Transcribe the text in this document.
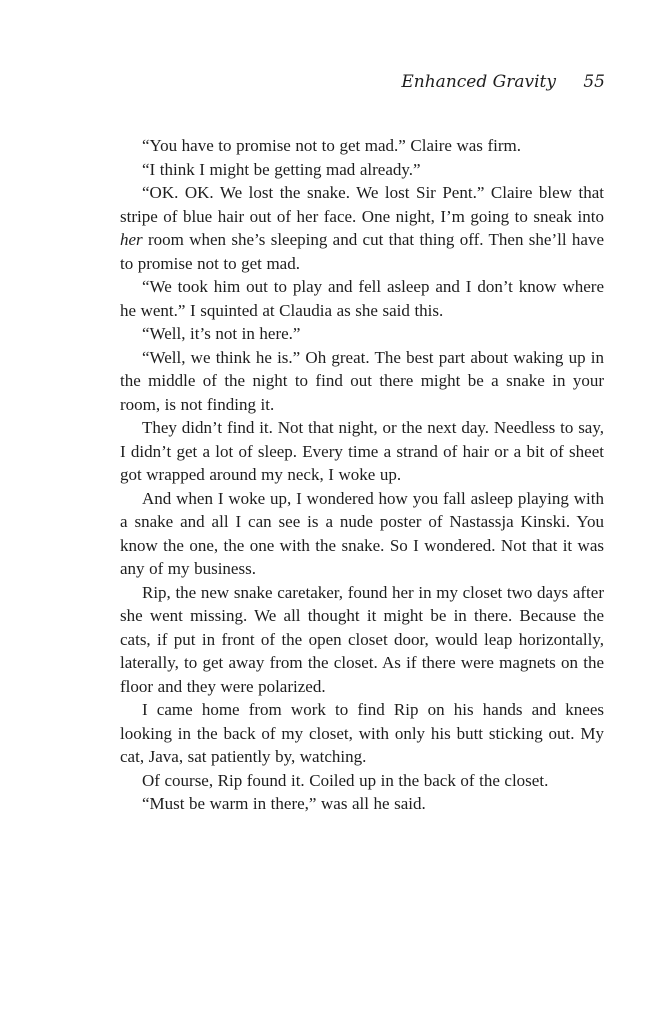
Enhanced Gravity 55

“You have to promise not to get mad.” Claire was firm.

“I think I might be getting mad already.”

“OK. OK. We lost the snake. We lost Sir Pent.” Claire blew that stripe of blue hair out of her face. One night, I’m going to sneak into her room when she’s sleeping and cut that thing off. Then she’ll have to promise not to get mad.

“We took him out to play and fell asleep and I don’t know where he went.” I squinted at Claudia as she said this.

“Well, it’s not in here.”

“Well, we think he is.” Oh great. The best part about waking up in the middle of the night to find out there might be a snake in your room, is not finding it.

They didn’t find it. Not that night, or the next day. Needless to say, I didn’t get a lot of sleep. Every time a strand of hair or a bit of sheet got wrapped around my neck, I woke up.

And when I woke up, I wondered how you fall asleep playing with a snake and all I can see is a nude poster of Nastassja Kinski. You know the one, the one with the snake. So I wondered. Not that it was any of my business.

Rip, the new snake caretaker, found her in my closet two days after she went missing. We all thought it might be in there. Because the cats, if put in front of the open closet door, would leap horizontally, laterally, to get away from the closet. As if there were magnets on the floor and they were polarized.

I came home from work to find Rip on his hands and knees looking in the back of my closet, with only his butt sticking out. My cat, Java, sat patiently by, watching.

Of course, Rip found it. Coiled up in the back of the closet.

“Must be warm in there,” was all he said.
